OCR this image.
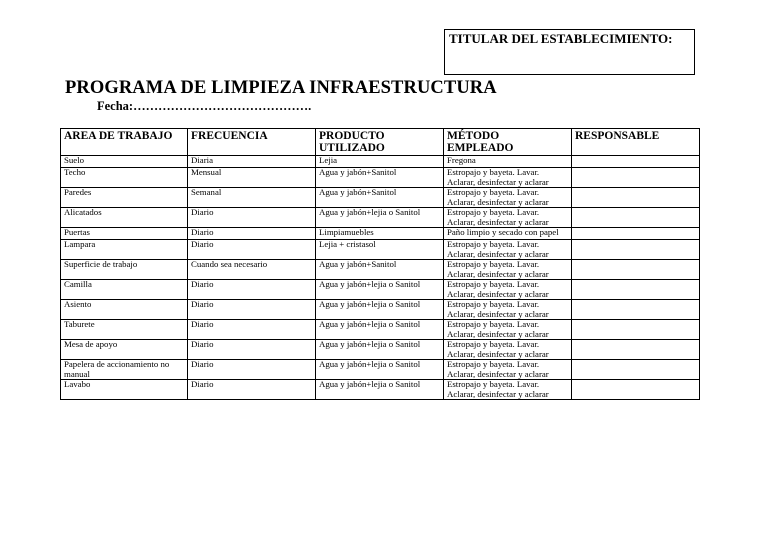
TITULAR DEL ESTABLECIMIENTO:
PROGRAMA DE LIMPIEZA INFRAESTRUCTURA
Fecha:…………………………………….
AREA DE TRABAJO	FRECUENCIA	PRODUCTO UTILIZADO	MÉTODO EMPLEADO	RESPONSABLE
Suelo	Diaria	Lejia	Fregona	
Techo	Mensual	Agua y jabón+Sanitol	Estropajo y bayeta. Lavar. Aclarar, desinfectar y aclarar	
Paredes	Semanal	Agua y jabón+Sanitol	Estropajo y bayeta. Lavar. Aclarar, desinfectar y aclarar	
Alicatados	Diario	Agua y jabón+lejia o Sanitol	Estropajo y bayeta. Lavar. Aclarar, desinfectar y aclarar	
Puertas	Diario	Limpiamuebles	Paño limpio y secado con papel	
Lampara	Diario	Lejia + cristasol	Estropajo y bayeta. Lavar. Aclarar, desinfectar y aclarar	
Superficie de trabajo	Cuando sea necesario	Agua y jabón+Sanitol	Estropajo y bayeta. Lavar. Aclarar, desinfectar y aclarar	
Camilla	Diario	Agua y jabón+lejia o Sanitol	Estropajo y bayeta. Lavar. Aclarar, desinfectar y aclarar	
Asiento	Diario	Agua y jabón+lejia o Sanitol	Estropajo y bayeta. Lavar. Aclarar, desinfectar y aclarar	
Taburete	Diario	Agua y jabón+lejia o Sanitol	Estropajo y bayeta. Lavar. Aclarar, desinfectar y aclarar	
Mesa de apoyo	Diario	Agua y jabón+lejia o Sanitol	Estropajo y bayeta. Lavar. Aclarar, desinfectar y aclarar	
Papelera de accionamiento no manual	Diario	Agua y jabón+lejia o Sanitol	Estropajo y bayeta. Lavar. Aclarar, desinfectar y aclarar	
Lavabo	Diario	Agua y jabón+lejia o Sanitol	Estropajo y bayeta. Lavar. Aclarar, desinfectar y aclarar	
